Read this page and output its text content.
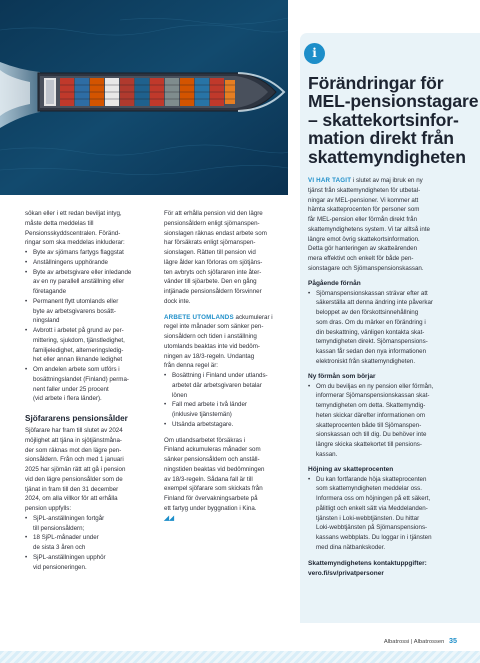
i
Förändringar för
MEL-pensionstagare
– skattekortsinfor-
mation direkt från
skattemyndigheten
VI HAR TAGIT i slutet av maj ibruk en ny
tjänst från skattemyndigheten för utbetal-
ningar av MEL-pensioner. Vi kommer att
hämta skatteprocenten för personer som
får MEL-pension eller förmån direkt från
skattemyndighetens system. Vi tar alltså inte
längre emot övrig skattekortsinformation.
Detta gör hanteringen av skatteärenden
mera effektivt och enkelt för både pen-
sionstagare och Sjömanspensionskassan.
Pågående förnån
• Sjömanspensionskassan strävar efter att
säkerställa att denna ändring inte påverkar
beloppet av den förskottsinnehållning
som dras. Om du märker en förändring i
din beskattning, vänligen kontakta skat-
temyndigheten direkt. Sjömanspensions-
kassan får sedan den nya informationen
elektroniskt från skattemyndigheten.
Ny förmån som börjar
• Om du beviljas en ny pension eller förmån,
informerar Sjömanspensionskassan skat-
temyndigheten om detta. Skattemyndig-
heten skickar därefter informationen om
skatteprocenten både till Sjömanspen-
sionskassan och till dig. Du behöver inte
längre skicka skattekortet till pensions-
kassan.
Höjning av skatteprocenten
• Du kan fortfarande höja skatteprocenten
som skattemyndigheten meddelar oss.
Informera oss om höjningen på ett säkert,
pålitligt och enkelt sätt via Meddelanden-
tjänsten i Loki-webbtjänsten. Du hittar
Loki-webbtjänsten på Sjömanspensions-
kassans webbplats. Du loggar in i tjänsten
med dina nätbankskoder.
Skattemyndighetens kontaktuppgifter:
vero.fi/sv/privatpersoner
sökan eller i ett redan beviljat intyg,
måste detta meddelas till
Pensionsskyddscentralen. Föränd-
ringar som ska meddelas inkluderar:
• Byte av sjömans fartygs flaggstat
• Anställningens upphörande
• Byte av arbetsgivare eller inledande
av en ny parallell anställning eller
företagande
• Permanent flytt utomlands eller
byte av arbetsgivarens bosätt-
ningsland
• Avbrott i arbetet på grund av per-
mittering, sjukdom, tjänstledighet,
familjeledighet, alterneringsledig-
het eller annan liknande ledighet
• Om andelen arbete som utförs i
bosättningslandet (Finland) perma-
nent faller under 25 procent
(vid arbete i flera länder).
Sjöfararens pensionsålder
Sjöfarare har fram till slutet av 2024
möjlighet att tjäna in sjötjänstmåna-
der som räknas mot den lägre pen-
sionsåldern. Från och med 1 januari
2025 har sjömän rätt att gå i pension
vid den lägre pensionsålder som de
tjänat in fram till den 31 december
2024, om alla villkor för att erhålla
pension uppfylls:
• SjPL-anställningen fortgår
till pensionsåldern;
• 18 SjPL-månader under
de sista 3 åren och
• SjPL-anställningen upphör
vid pensioneringen.
För att erhålla pension vid den lägre
pensionsåldern enligt sjömanspen-
sionslagen räknas endast arbete som
har försäkrats enligt sjömanspen-
sionslagen. Rätten till pension vid
lägre ålder kan förloras om sjötjäns-
ten avbryts och sjöfararen inte åter-
vänder till sjöarbete. Den en gång
intjänade pensionsåldern försvinner
dock inte.
ARBETE UTOMLANDS ackumulerar i
regel inte månader som sänker pen-
sionsåldern och tiden i anställning
utomlands beaktas inte vid bedöm-
ningen av 18/3-regeln. Undantag
från denna regel är:
• Bosättning i Finland under utlands-
arbetet där arbetsgivaren betalar
lönen
• Fall med arbete i två länder
(inklusive tjänstemän)
• Utsända arbetstagare.
Om utlandsarbetet försäkras i
Finland ackumuleras månader som
sänker pensionsåldern och anställ-
ningstiden beaktas vid bedömningen
av 18/3-regeln. Sådana fall är till
exempel sjöfarare som skickats från
Finland för övervakningsarbete på
ett fartyg under byggnation i Kina.
◢◢
Albatrossi | Albatrossen 35
